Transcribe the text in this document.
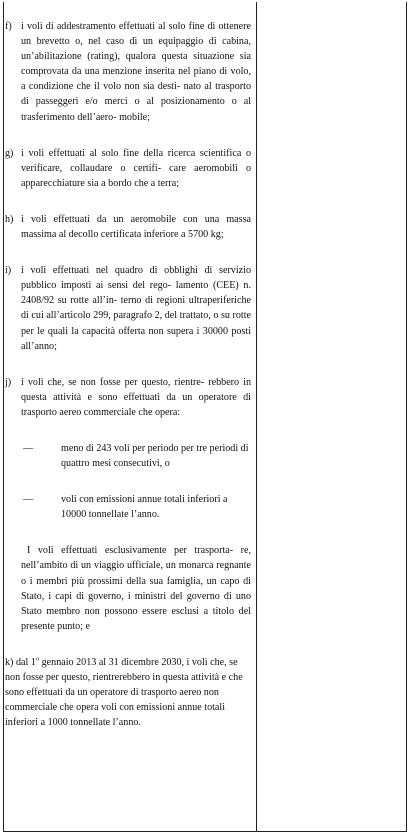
f) i voli di addestramento effettuati al solo fine di ottenere un brevetto o, nel caso di un equipaggio di cabina, un’abilitazione (rating), qualora questa situazione sia comprovata da una menzione inserita nel piano di volo, a condizione che il volo non sia desti- nato al trasporto di passeggeri e/o merci o al posizionamento o al trasferimento dell’aero- mobile;
g) i voli effettuati al solo fine della ricerca scientifica o verificare, collaudare o certifi- care aeromobili o apparecchiature sia a bordo che a terra;
h) i voli effettuati da un aeromobile con una massa massima al decollo certificata inferiore a 5700 kg;
i) i voli effettuati nel quadro di obblighi di servizio pubblico imposti ai sensi del rego- lamento (CEE) n. 2408/92 su rotte all’in- terno di regioni ultraperiferiche di cui all’articolo 299, paragrafo 2, del trattato, o su rotte per le quali la capacità offerta non supera i 30000 posti all’anno;
j) i voli che, se non fosse per questo, rientre- rebbero in questa attività e sono effettuati da un operatore di trasporto aereo commerciale che opera:
—	meno di 243 voli per periodo per tre periodi di quattro mesi consecutivi, o
—	voli con emissioni annue totali inferiori a 10000 tonnellate l’anno.
I voli effettuati esclusivamente per trasporta- re, nell’ambito di un viaggio ufficiale, un monarca regnante o i membri più prossimi della sua famiglia, un capo di Stato, i capi di governo, i ministri del governo di uno Stato membro non possono essere esclusi a titolo del presente punto; e
k) dal 1$^o$ gennaio 2013 al 31 dicembre 2030, i voli che, se non fosse per questo, rientrerebbero in questa attività e che sono effettuati da un operatore di trasporto aereo non commerciale che opera voli con emissioni annue totali inferiori a 1000 tonnellate l’anno.
